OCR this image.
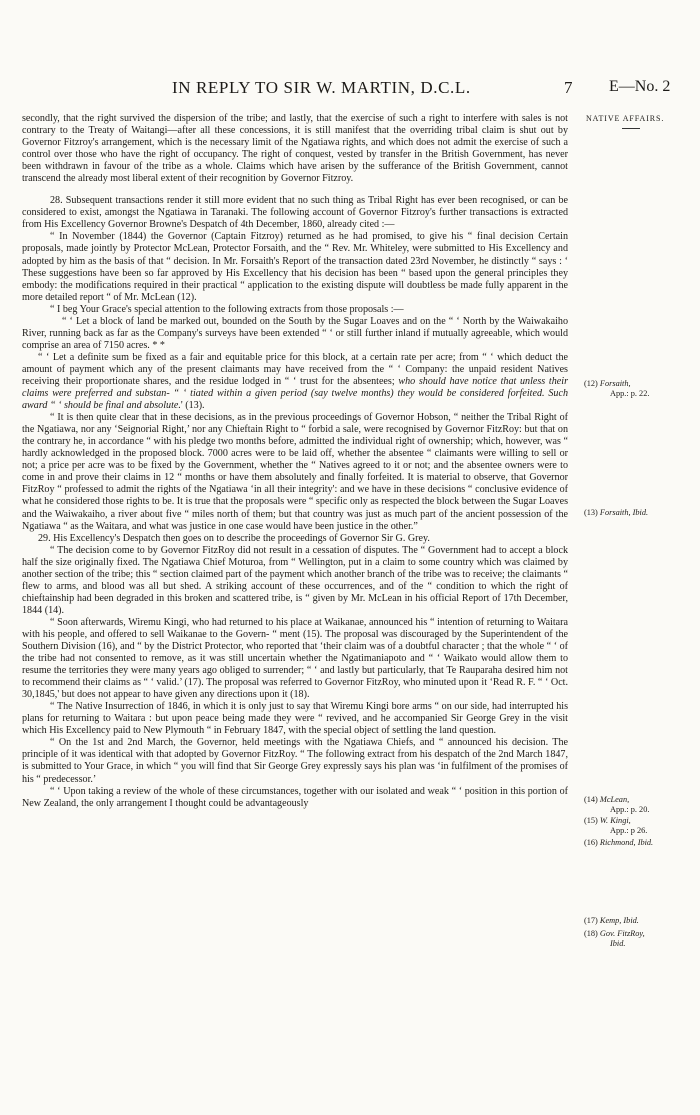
IN REPLY TO SIR W. MARTIN, D.C.L.	7 E—No. 2
NATIVE AFFAIRS.

secondly, that the right survived the dispersion of the tribe; and lastly, that the exercise of such a right to interfere with sales is not contrary to the Treaty of Waitangi—after all these concessions, it is still manifest that the overriding tribal claim is shut out by Governor Fitzroy's arrangement, which is the necessary limit of the Ngatiawa rights, and which does not admit the exercise of such a control over those who have the right of occupancy. The right of conquest, vested by transfer in the British Government, has never been withdrawn in favour of the tribe as a whole. Claims which have arisen by the sufferance of the British Government, cannot transcend the already most liberal extent of their recognition by Governor Fitzroy.

28. Subsequent transactions render it still more evident that no such thing as Tribal Right has ever been recognised, or can be considered to exist, amongst the Ngatiawa in Taranaki. The following account of Governor Fitzroy's further transactions is extracted from His Excellency Governor Browne's Despatch of 4th December, 1860, already cited :—

“ In November (1844) the Governor (Captain Fitzroy) returned as he had promised, to give his “ final decision Certain proposals, made jointly by Protector McLean, Protector Forsaith, and the “ Rev. Mr. Whiteley, were submitted to His Excellency and adopted by him as the basis of that “ decision. In Mr. Forsaith's Report of the transaction dated 23rd November, he distinctly “ says : ‘ These suggestions have been so far approved by His Excellency that his decision has been “ based upon the general principles they embody: the modifications required in their practical “ application to the existing dispute will doubtless be made fully apparent in the more detailed report “ of Mr. McLean (12).

“ I beg Your Grace's special attention to the following extracts from those proposals :—

“ ‘ Let a block of land be marked out, bounded on the South by the Sugar Loaves and on the “ ‘ North by the Waiwakaiho River, running back as far as the Company's surveys have been extended “ ‘ or still further inland if mutually agreeable, which would comprise an area of 7150 acres. * *

“ ‘ Let a definite sum be fixed as a fair and equitable price for this block, at a certain rate per acre; from “ ‘ which deduct the amount of payment which any of the present claimants may have received from the “ ‘ Company: the unpaid resident Natives receiving their proportionate shares, and the residue lodged in “ ‘ trust for the absentees; who should have notice that unless their claims were preferred and substan- “ ‘ tiated within a given period (say twelve months) they would be considered forfeited. Such award “ ‘ should be final and absolute.' (13).

“ It is then quite clear that in these decisions, as in the previous proceedings of Governor Hobson, “ neither the Tribal Right of the Ngatiawa, nor any ‘Seignorial Right,’ nor any Chieftain Right to “ forbid a sale, were recognised by Governor FitzRoy: but that on the contrary he, in accordance “ with his pledge two months before, admitted the individual right of ownership; which, however, was “ hardly acknowledged in the proposed block. 7000 acres were to be laid off, whether the absentee “ claimants were willing to sell or not; a price per acre was to be fixed by the Government, whether the “ Natives agreed to it or not; and the absentee owners were to come in and prove their claims in 12 “ months or have them absolutely and finally forfeited. It is material to observe, that Governor FitzRoy “ professed to admit the rights of the Ngatiawa ‘in all their integrity': and we have in these decisions “ conclusive evidence of what he considered those rights to be. It is true that the proposals were “ specific only as respected the block between the Sugar Loaves and the Waiwakaiho, a river about five “ miles north of them; but that country was just as much part of the ancient possession of the Ngatiawa “ as the Waitara, and what was justice in one case would have been justice in the other.”

29. His Excellency's Despatch then goes on to describe the proceedings of Governor Sir G. Grey.

“ The decision come to by Governor FitzRoy did not result in a cessation of disputes. The “ Government had to accept a block half the size originally fixed. The Ngatiawa Chief Moturoa, from “ Wellington, put in a claim to some country which was claimed by another section of the tribe; this “ section claimed part of the payment which another branch of the tribe was to receive; the claimants “ flew to arms, and blood was all but shed. A striking account of these occurrences, and of the “ condition to which the right of chieftainship had been degraded in this broken and scattered tribe, is “ given by Mr. McLean in his official Report of 17th December, 1844 (14).

“ Soon afterwards, Wiremu Kingi, who had returned to his place at Waikanae, announced his “ intention of returning to Waitara with his people, and offered to sell Waikanae to the Govern- “ ment (15). The proposal was discouraged by the Superintendent of the Southern Division (16), and “ by the District Protector, who reported that ‘their claim was of a doubtful character ; that the whole “ ‘ of the tribe had not consented to remove, as it was still uncertain whether the Ngatimaniapoto and “ ‘ Waikato would allow them to resume the territories they were many years ago obliged to surrender; “ ‘ and lastly but particularly, that Te Rauparaha desired him not to recommend their claims as “ ‘ valid.’ (17). The proposal was referred to Governor FitzRoy, who minuted upon it ‘Read R. F. “ ‘ Oct. 30,1845,' but does not appear to have given any directions upon it (18).

“ The Native Insurrection of 1846, in which it is only just to say that Wiremu Kingi bore arms “ on our side, had interrupted his plans for returning to Waitara : but upon peace being made they were “ revived, and he accompanied Sir George Grey in the visit which His Excellency paid to New Plymouth “ in February 1847, with the special object of settling the land question.

“ On the 1st and 2nd March, the Governor, held meetings with the Ngatiawa Chiefs, and “ announced his decision. The principle of it was identical with that adopted by Governor FitzRoy. “ The following extract from his despatch of the 2nd March 1847, is submitted to Your Grace, in which “ you will find that Sir George Grey expressly says his plan was ‘in fulfilment of the promises of his “ predecessor.’

“ ‘ Upon taking a review of the whole of these circumstances, together with our isolated and weak “ ‘ position in this portion of New Zealand, the only arrangement I thought could be advantageously

(12) Forsaith,
App.: p. 22.
(13) Forsaith, Ibid.
(14) McLean,
App.: p. 20.
(15) W. Kingi,
App.: p 26.
(16) Richmond, Ibid.
(17) Kemp, Ibid.
(18) Gov. FitzRoy,
Ibid.
